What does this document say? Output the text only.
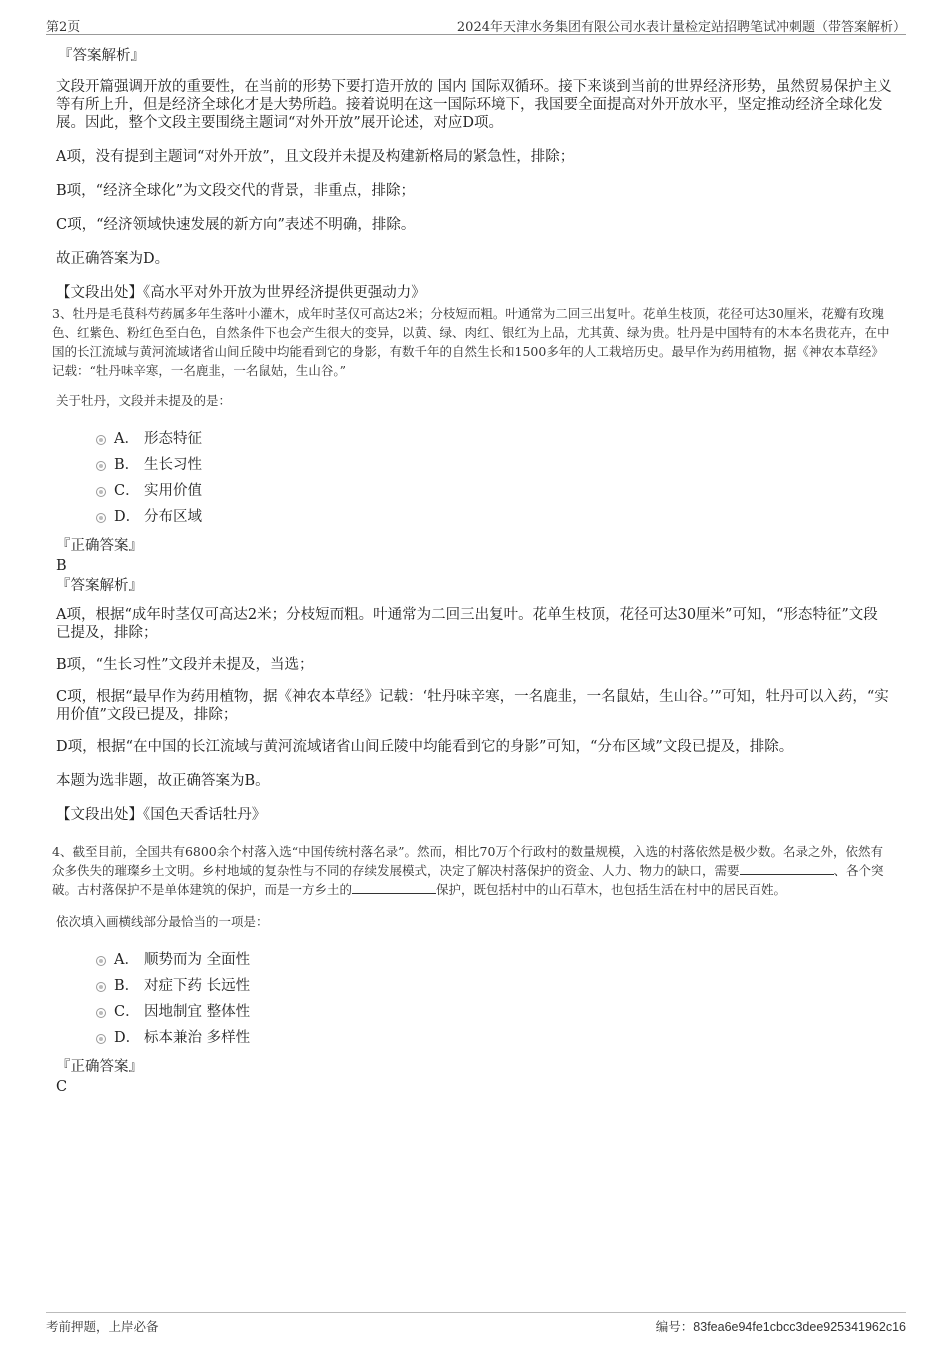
第2页	2024年天津水务集团有限公司水表计量检定站招聘笔试冲刺题（带答案解析）
『答案解析』

文段开篇强调开放的重要性，在当前的形势下要打造开放的 国内 国际双循环。接下来谈到当前的世界经济形势，虽然贸易保护主义等有所上升，但是经济全球化才是大势所趋。接着说明在这一国际环境下，我国要全面提高对外开放水平，坚定推动经济全球化发展。因此，整个文段主要围绕主题词“对外开放”展开论述，对应D项。

A项，没有提到主题词“对外开放”，且文段并未提及构建新格局的紧急性，排除；

B项，“经济全球化”为文段交代的背景，非重点，排除；

C项，“经济领域快速发展的新方向”表述不明确，排除。

故正确答案为D。

【文段出处】《高水平对外开放为世界经济提供更强动力》

3、牡丹是毛茛科芍药属多年生落叶小灌木，成年时茎仅可高达2米；分枝短而粗。叶通常为二回三出复叶。花单生枝顶，花径可达30厘米，花瓣有玫瑰色、红紫色、粉红色至白色，自然条件下也会产生很大的变异，以黄、绿、肉红、银红为上品，尤其黄、绿为贵。牡丹是中国特有的木本名贵花卉，在中国的长江流域与黄河流域诸省山间丘陵中均能看到它的身影，有数千年的自然生长和1500多年的人工栽培历史。最早作为药用植物，据《神农本草经》记载：“牡丹味辛寒，一名鹿韭，一名鼠姑，生山谷。”

关于牡丹，文段并未提及的是：
A． 形态特征
B． 生长习性
C． 实用价值
D． 分布区域
『正确答案』
B
『答案解析』

A项，根据“成年时茎仅可高达2米；分枝短而粗。叶通常为二回三出复叶。花单生枝顶，花径可达30厘米”可知，“形态特征”文段已提及，排除；

B项，“生长习性”文段并未提及，当选；

C项，根据“最早作为药用植物，据《神农本草经》记载：‘牡丹味辛寒，一名鹿韭，一名鼠姑，生山谷。’”可知，牡丹可以入药，“实用价值”文段已提及，排除；

D项，根据“在中国的长江流域与黄河流域诸省山间丘陵中均能看到它的身影”可知，“分布区域”文段已提及，排除。

本题为选非题，故正确答案为B。

【文段出处】《国色天香话牡丹》

4、截至目前，全国共有6800余个村落入选“中国传统村落名录”。然而，相比70万个行政村的数量规模，入选的村落依然是极少数。名录之外，依然有众多佚失的璀璨乡土文明。乡村地域的复杂性与不同的存续发展模式，决定了解决村落保护的资金、人力、物力的缺口，需要	、各个突破。古村落保护不是单体建筑的保护，而是一方乡土的	保护，既包括村中的山石草木，也包括生活在村中的居民百姓。

依次填入画横线部分最恰当的一项是：
A． 顺势而为 全面性
B． 对症下药 长远性
C． 因地制宜 整体性
D． 标本兼治 多样性
『正确答案』
C
考前押题，上岸必备	编号：83fea6e94fe1cbcc3dee925341962c16
